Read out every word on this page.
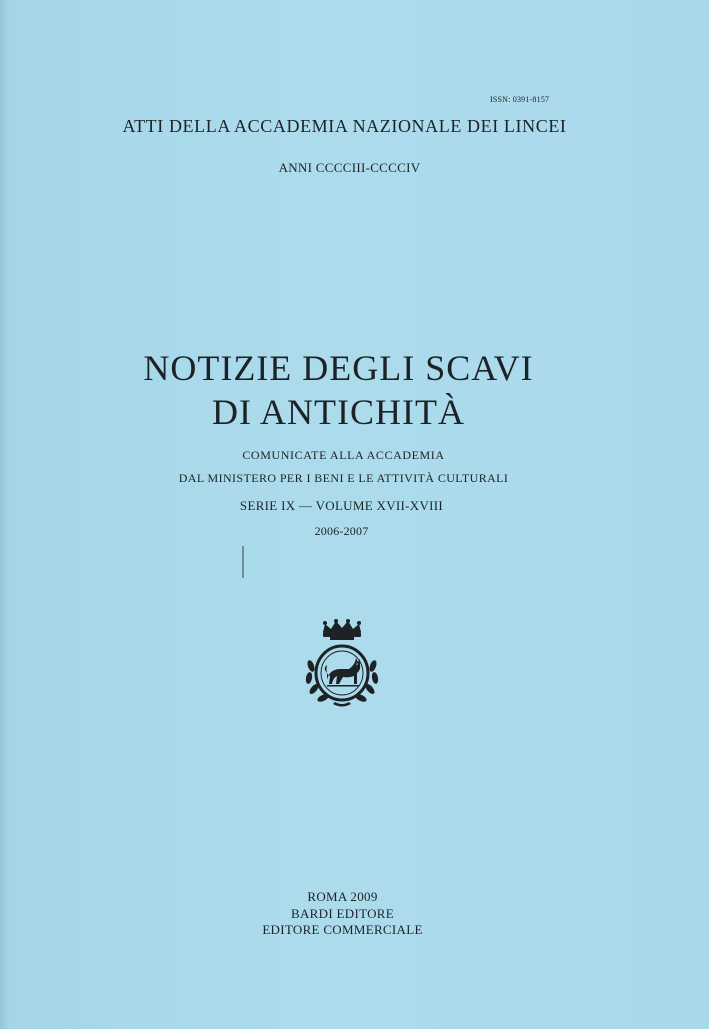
ISSN: 0391-8157
ATTI DELLA ACCADEMIA NAZIONALE DEI LINCEI
ANNI CCCCIII-CCCCIV
NOTIZIE DEGLI SCAVI
DI ANTICHITÀ
COMUNICATE ALLA ACCADEMIA
DAL MINISTERO PER I BENI E LE ATTIVITÀ CULTURALI
SERIE IX — VOLUME XVII-XVIII
2006-2007
ROMA 2009
BARDI EDITORE
EDITORE COMMERCIALE
